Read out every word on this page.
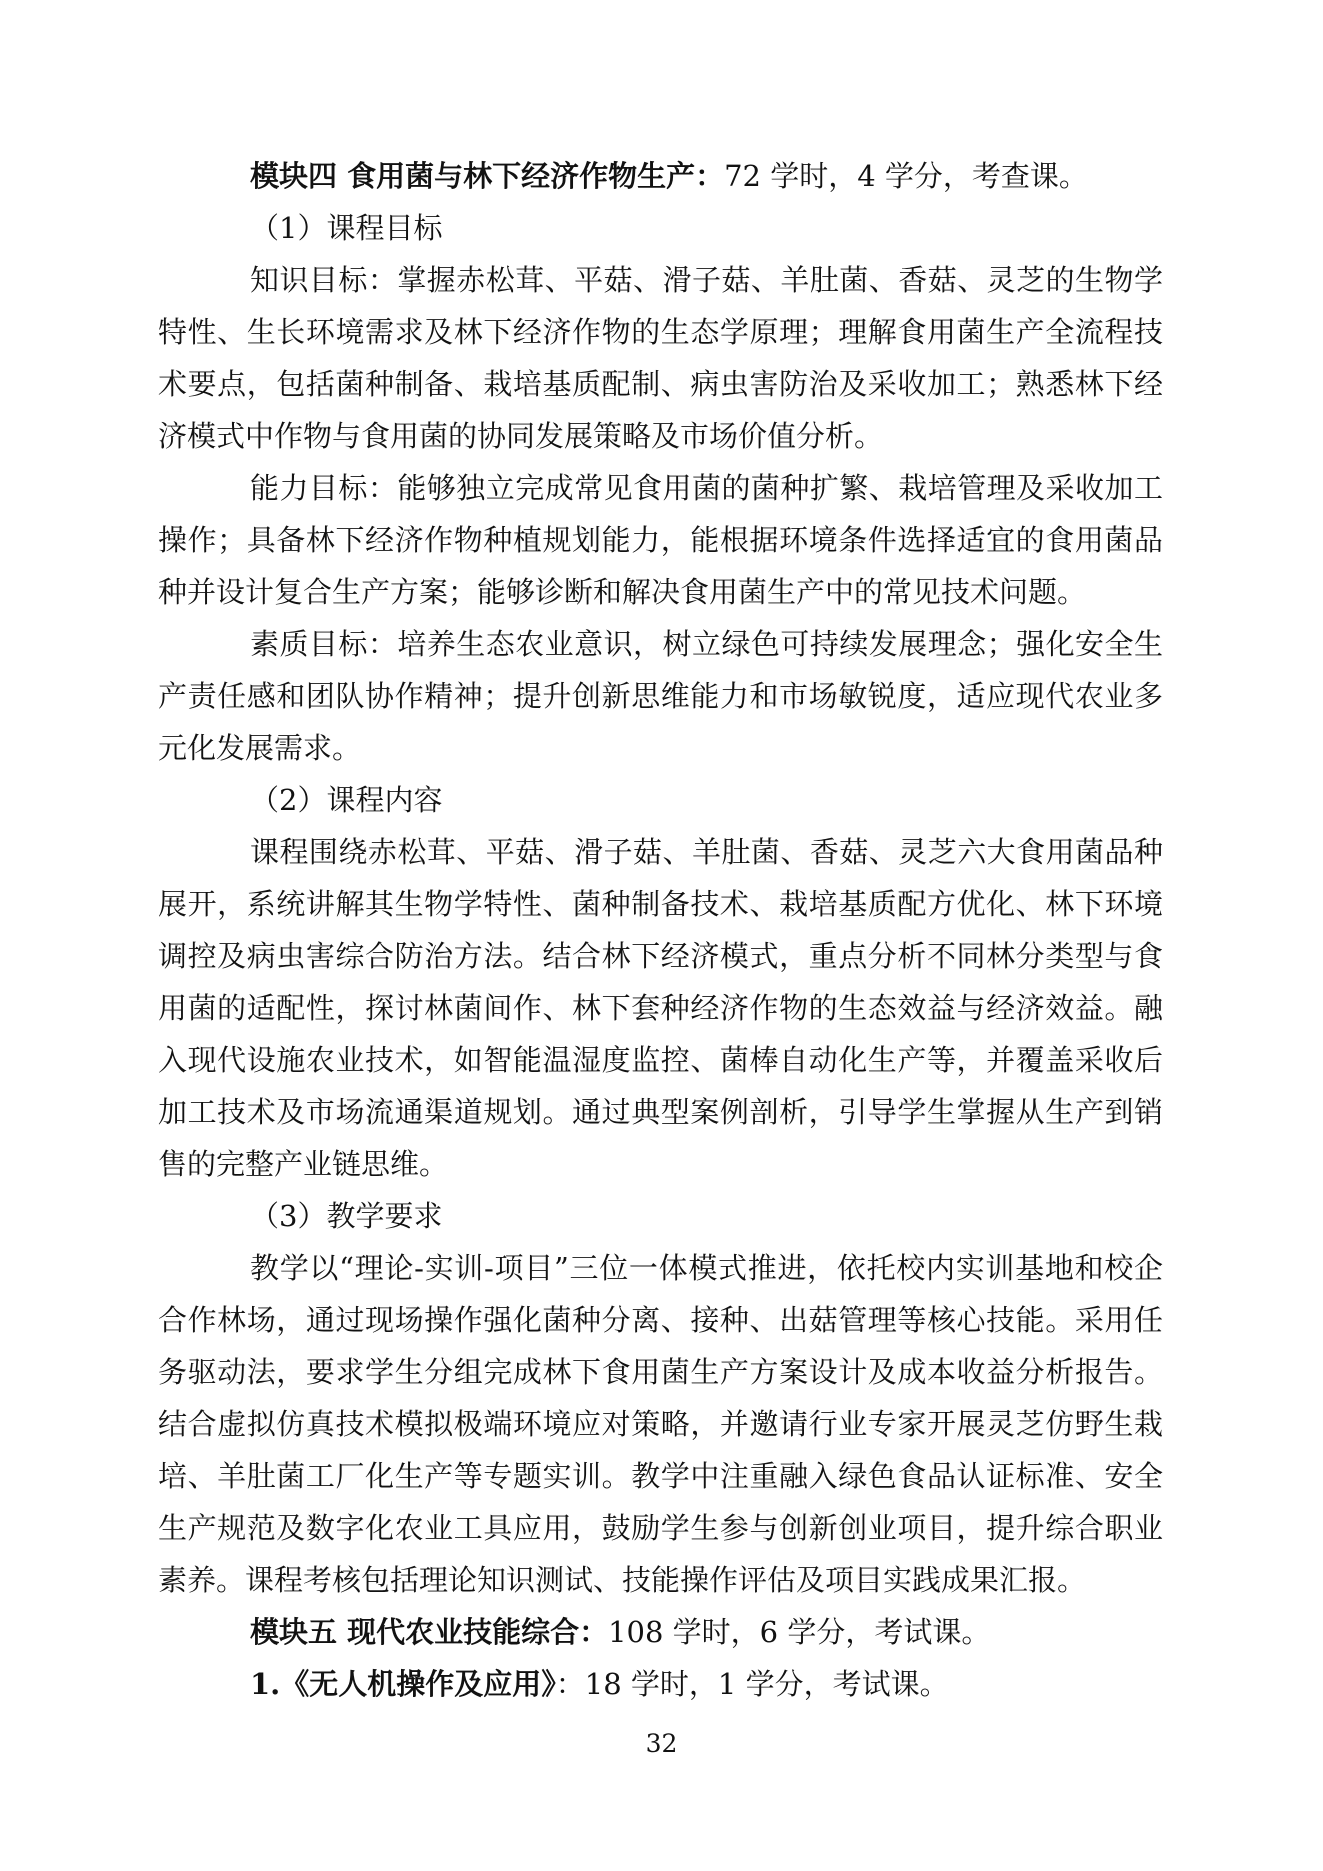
模块四 食用菌与林下经济作物生产：72 学时，4 学分，考查课。

（1）课程目标

知识目标：掌握赤松茸、平菇、滑子菇、羊肚菌、香菇、灵芝的生物学特性、生长环境需求及林下经济作物的生态学原理；理解食用菌生产全流程技术要点，包括菌种制备、栽培基质配制、病虫害防治及采收加工；熟悉林下经济模式中作物与食用菌的协同发展策略及市场价值分析。

能力目标：能够独立完成常见食用菌的菌种扩繁、栽培管理及采收加工操作；具备林下经济作物种植规划能力，能根据环境条件选择适宜的食用菌品种并设计复合生产方案；能够诊断和解决食用菌生产中的常见技术问题。

素质目标：培养生态农业意识，树立绿色可持续发展理念；强化安全生产责任感和团队协作精神；提升创新思维能力和市场敏锐度，适应现代农业多元化发展需求。

（2）课程内容

课程围绕赤松茸、平菇、滑子菇、羊肚菌、香菇、灵芝六大食用菌品种展开，系统讲解其生物学特性、菌种制备技术、栽培基质配方优化、林下环境调控及病虫害综合防治方法。结合林下经济模式，重点分析不同林分类型与食用菌的适配性，探讨林菌间作、林下套种经济作物的生态效益与经济效益。融入现代设施农业技术，如智能温湿度监控、菌棒自动化生产等，并覆盖采收后加工技术及市场流通渠道规划。通过典型案例剖析，引导学生掌握从生产到销售的完整产业链思维。

（3）教学要求

教学以“理论-实训-项目”三位一体模式推进，依托校内实训基地和校企合作林场，通过现场操作强化菌种分离、接种、出菇管理等核心技能。采用任务驱动法，要求学生分组完成林下食用菌生产方案设计及成本收益分析报告。结合虚拟仿真技术模拟极端环境应对策略，并邀请行业专家开展灵芝仿野生栽培、羊肚菌工厂化生产等专题实训。教学中注重融入绿色食品认证标准、安全生产规范及数字化农业工具应用，鼓励学生参与创新创业项目，提升综合职业素养。课程考核包括理论知识测试、技能操作评估及项目实践成果汇报。

模块五 现代农业技能综合：108 学时，6 学分，考试课。

1.《无人机操作及应用》：18 学时，1 学分，考试课。

32
